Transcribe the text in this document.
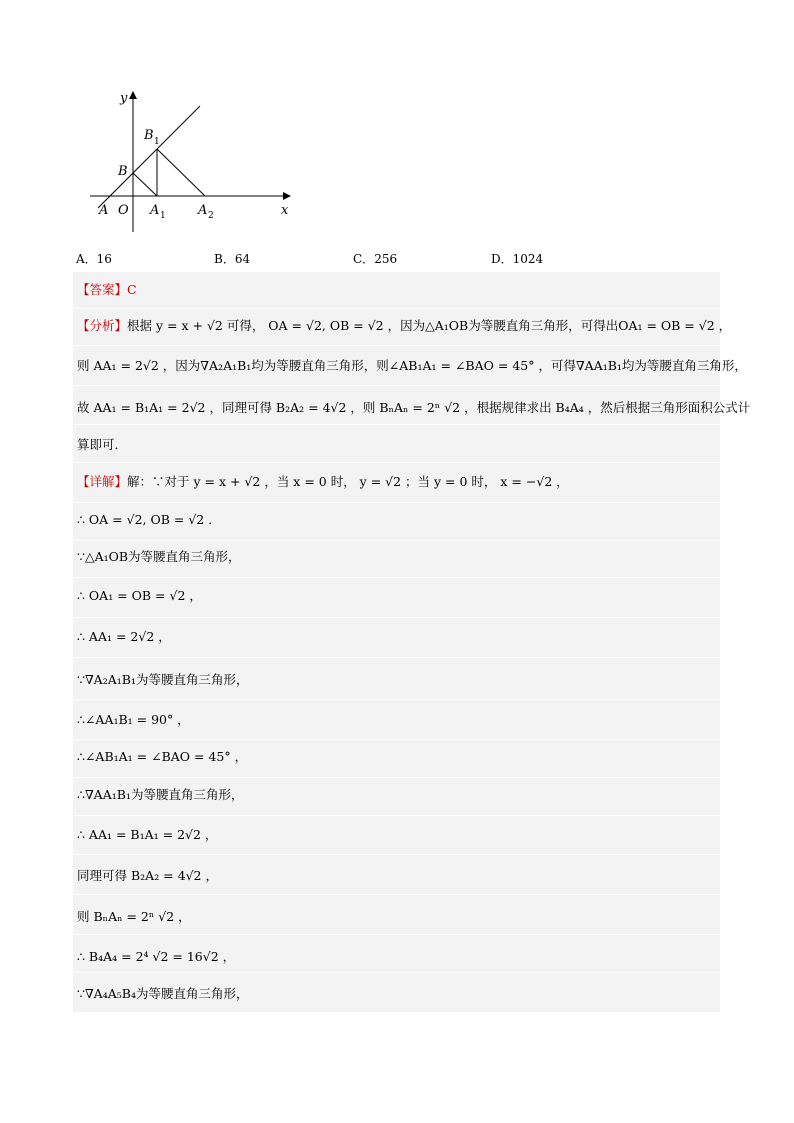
y
x
B 1
B
A O A 1 A 2
A．16	B．64	C．256	D．1024
【答案】C
【分析】根据 y = x + √2 可得， OA = √2, OB = √2 ，因为△A₁OB为等腰直角三角形，可得出OA₁ = OB = √2 ，
则 AA₁ = 2√2 ，因为∇A₂A₁B₁均为等腰直角三角形，则∠AB₁A₁ = ∠BAO = 45° ，可得∇AA₁B₁均为等腰直角三角形，
故 AA₁ = B₁A₁ = 2√2 ，同理可得 B₂A₂ = 4√2 ，则 BₙAₙ = 2ⁿ √2 ，根据规律求出 B₄A₄ ，然后根据三角形面积公式计
算即可．
【详解】解：∵对于 y = x + √2 ，当 x = 0 时， y = √2 ；当 y = 0 时， x = −√2 ，
∴ OA = √2, OB = √2 ．
∵△A₁OB为等腰直角三角形，
∴ OA₁ = OB = √2 ，
∴ AA₁ = 2√2 ，
∵∇A₂A₁B₁为等腰直角三角形，
∴∠AA₁B₁ = 90° ，
∴∠AB₁A₁ = ∠BAO = 45° ，
∴∇AA₁B₁为等腰直角三角形，
∴ AA₁ = B₁A₁ = 2√2 ，
同理可得 B₂A₂ = 4√2 ，
则 BₙAₙ = 2ⁿ √2 ，
∴ B₄A₄ = 2⁴ √2 = 16√2 ，
∵∇A₄A₅B₄为等腰直角三角形，
